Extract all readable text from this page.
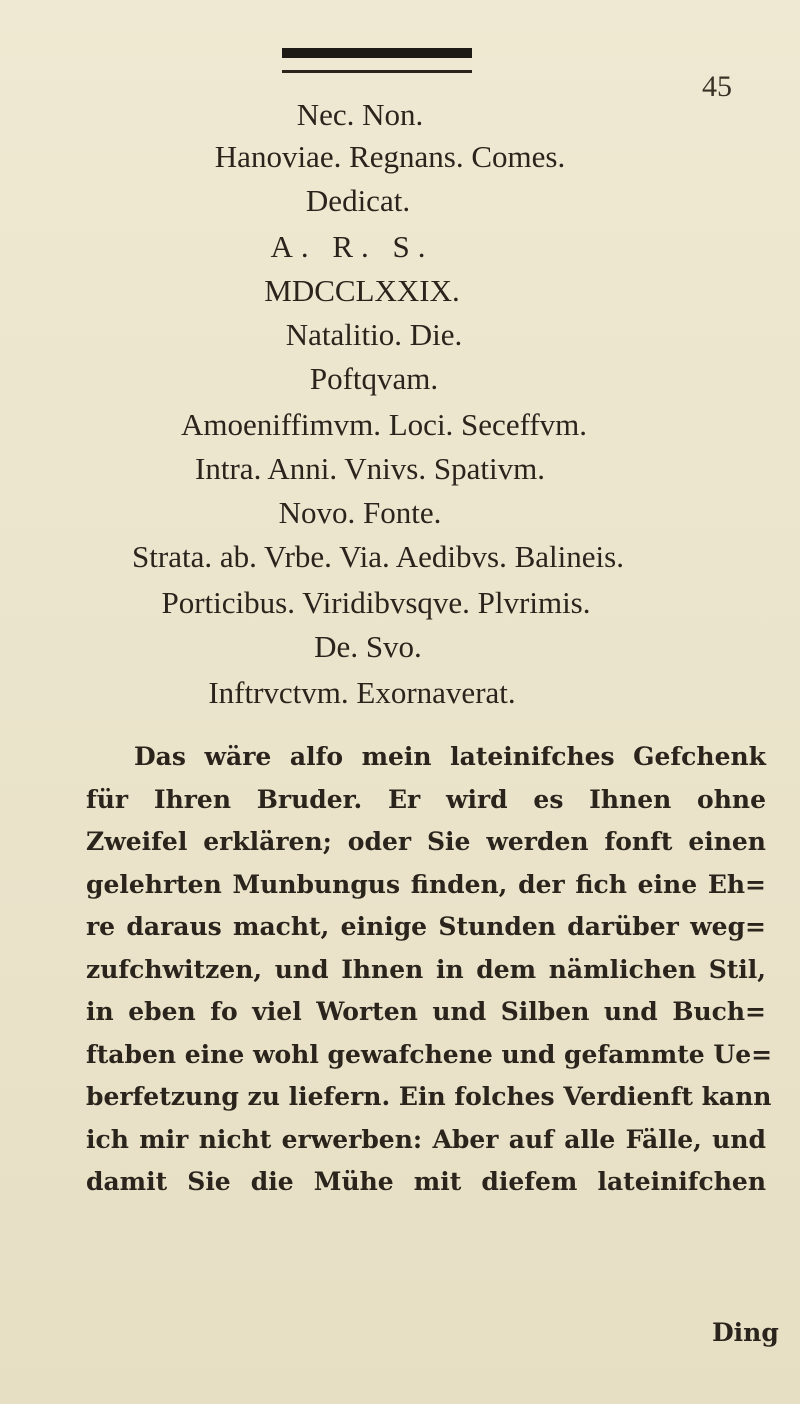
45
Nec. Non.
Hanoviae. Regnans. Comes.
Dedicat.
A. R. S.
MDCCLXXIX.
Natalitio. Die.
Poftqvam.
Amoeniffimvm. Loci. Seceffvm.
Intra. Anni. Vnivs. Spativm.
Novo. Fonte.
Strata. ab. Vrbe. Via. Aedibvs. Balineis.
Porticibus. Viridibvsqve. Plvrimis.
De. Svo.
Inftrvctvm. Exornaverat.

Das wäre alfo mein lateinifches Gefchenk
für Ihren Bruder. Er wird es Ihnen ohne
Zweifel erklären; oder Sie werden fonft einen
gelehrten Munbungus finden, der fich eine Eh=
re daraus macht, einige Stunden darüber weg=
zufchwitzen, und Ihnen in dem nämlichen Stil,
in eben fo viel Worten und Silben und Buch=
ftaben eine wohl gewafchene und gefammte Ue=
berfetzung zu liefern. Ein folches Verdienft kann
ich mir nicht erwerben: Aber auf alle Fälle, und
damit Sie die Mühe mit diefem lateinifchen

Ding
